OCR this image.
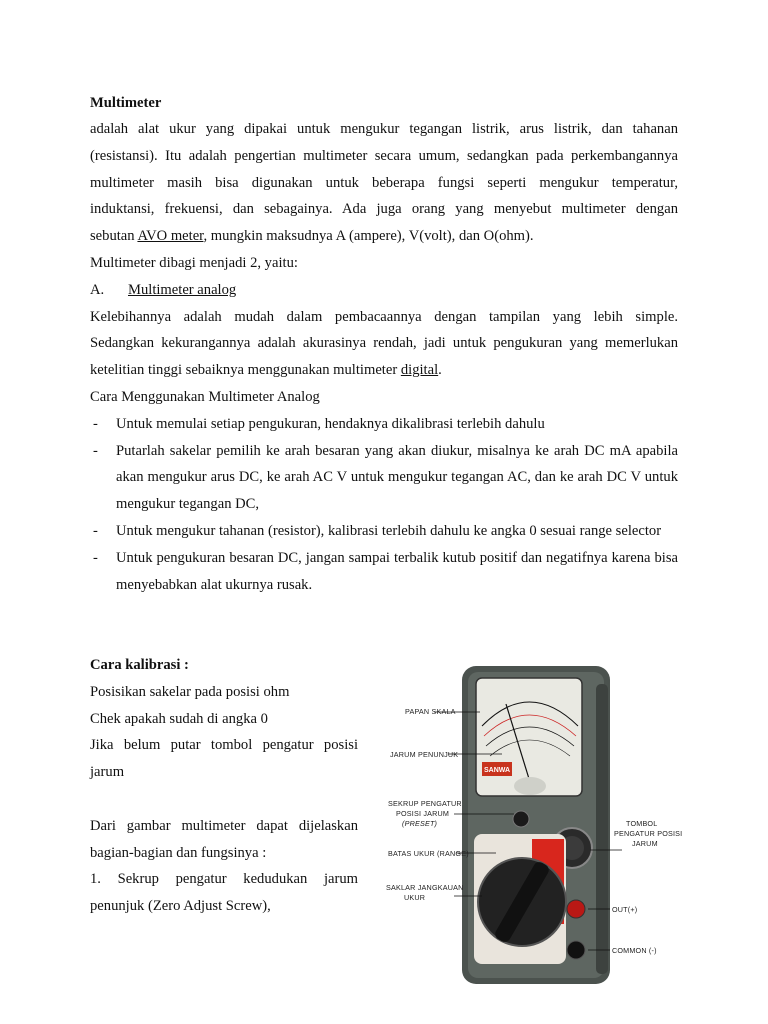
Multimeter
adalah alat ukur yang dipakai untuk mengukur tegangan listrik, arus listrik, dan tahanan
(resistansi). Itu adalah pengertian multimeter secara umum, sedangkan pada perkembangannya
multimeter masih bisa digunakan untuk beberapa fungsi seperti mengukur temperatur,
induktansi, frekuensi, dan sebagainya. Ada juga orang yang menyebut multimeter dengan
sebutan AVO meter, mungkin maksudnya A (ampere), V(volt), dan O(ohm).
Multimeter dibagi menjadi 2, yaitu:
A.	Multimeter analog
Kelebihannya adalah mudah dalam pembacaannya dengan tampilan yang lebih simple.
Sedangkan kekurangannya adalah akurasinya rendah, jadi untuk pengukuran yang memerlukan
ketelitian tinggi sebaiknya menggunakan multimeter digital.
Cara Menggunakan Multimeter Analog
- Untuk memulai setiap pengukuran, hendaknya dikalibrasi terlebih dahulu
- Putarlah sakelar pemilih ke arah besaran yang akan diukur, misalnya ke arah DC mA apabila akan mengukur arus DC, ke arah AC V untuk mengukur tegangan AC, dan ke arah DC V untuk mengukur tegangan DC,
- Untuk mengukur tahanan (resistor), kalibrasi terlebih dahulu ke angka 0 sesuai range selector
- Untuk pengukuran besaran DC, jangan sampai terbalik kutub positif dan negatifnya karena bisa menyebabkan alat ukurnya rusak.
Cara kalibrasi :
Posisikan sakelar pada posisi ohm
Chek apakah sudah di angka 0
Jika belum putar tombol pengatur posisi jarum
Dari gambar multimeter dapat dijelaskan bagian-bagian dan fungsinya :
1. Sekrup pengatur kedudukan jarum penunjuk (Zero Adjust Screw),
SANWA
PAPAN SKALA
JARUM PENUNJUK
SEKRUP PENGATUR
POSISI JARUM
(PRESET)
BATAS UKUR (RANGE)
SAKLAR JANGKAUAN
UKUR
TOMBOL
PENGATUR POSISI
JARUM
OUT(+)
COMMON (-)
